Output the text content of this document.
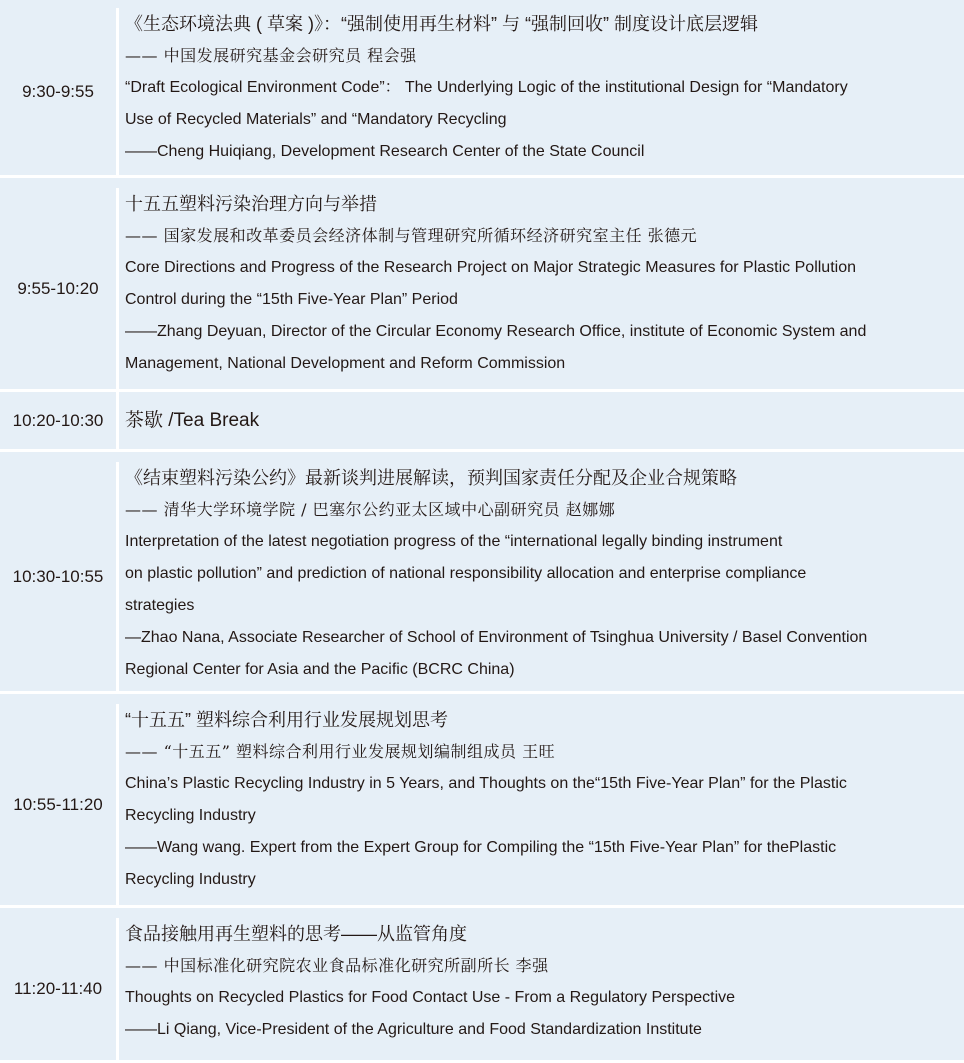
9:30-9:55
《生态环境法典 ( 草案 )》：“强制使用再生材料” 与 “强制回收” 制度设计底层逻辑
—— 中国发展研究基金会研究员 程会强
“Draft Ecological Environment Code”： The Underlying Logic of the institutional Design for “Mandatory
Use of Recycled Materials” and “Mandatory Recycling
——Cheng Huiqiang, Development Research Center of the State Council
9:55-10:20
十五五塑料污染治理方向与举措
—— 国家发展和改革委员会经济体制与管理研究所循环经济研究室主任 张德元
Core Directions and Progress of the Research Project on Major Strategic Measures for Plastic Pollution
Control during the “15th Five-Year Plan” Period
——Zhang Deyuan, Director of the Circular Economy Research Office, institute of Economic System and
Management, National Development and Reform Commission
10:20-10:30	茶歇 /Tea Break
10:30-10:55
《结束塑料污染公约》最新谈判进展解读，预判国家责任分配及企业合规策略
—— 清华大学环境学院 / 巴塞尔公约亚太区域中心副研究员 赵娜娜
Interpretation of the latest negotiation progress of the “international legally binding instrument
on plastic pollution” and prediction of national responsibility allocation and enterprise compliance
strategies
—Zhao Nana, Associate Researcher of School of Environment of Tsinghua University / Basel Convention
Regional Center for Asia and the Pacific (BCRC China)
10:55-11:20
“十五五” 塑料综合利用行业发展规划思考
—— “十五五” 塑料综合利用行业发展规划编制组成员 王旺
China’s Plastic Recycling Industry in 5 Years, and Thoughts on the“15th Five-Year Plan” for the Plastic
Recycling Industry
——Wang wang. Expert from the Expert Group for Compiling the “15th Five-Year Plan” for thePlastic
Recycling Industry
11:20-11:40
食品接触用再生塑料的思考——从监管角度
—— 中国标准化研究院农业食品标准化研究所副所长 李强
Thoughts on Recycled Plastics for Food Contact Use - From a Regulatory Perspective
——Li Qiang, Vice-President of the Agriculture and Food Standardization Institute
